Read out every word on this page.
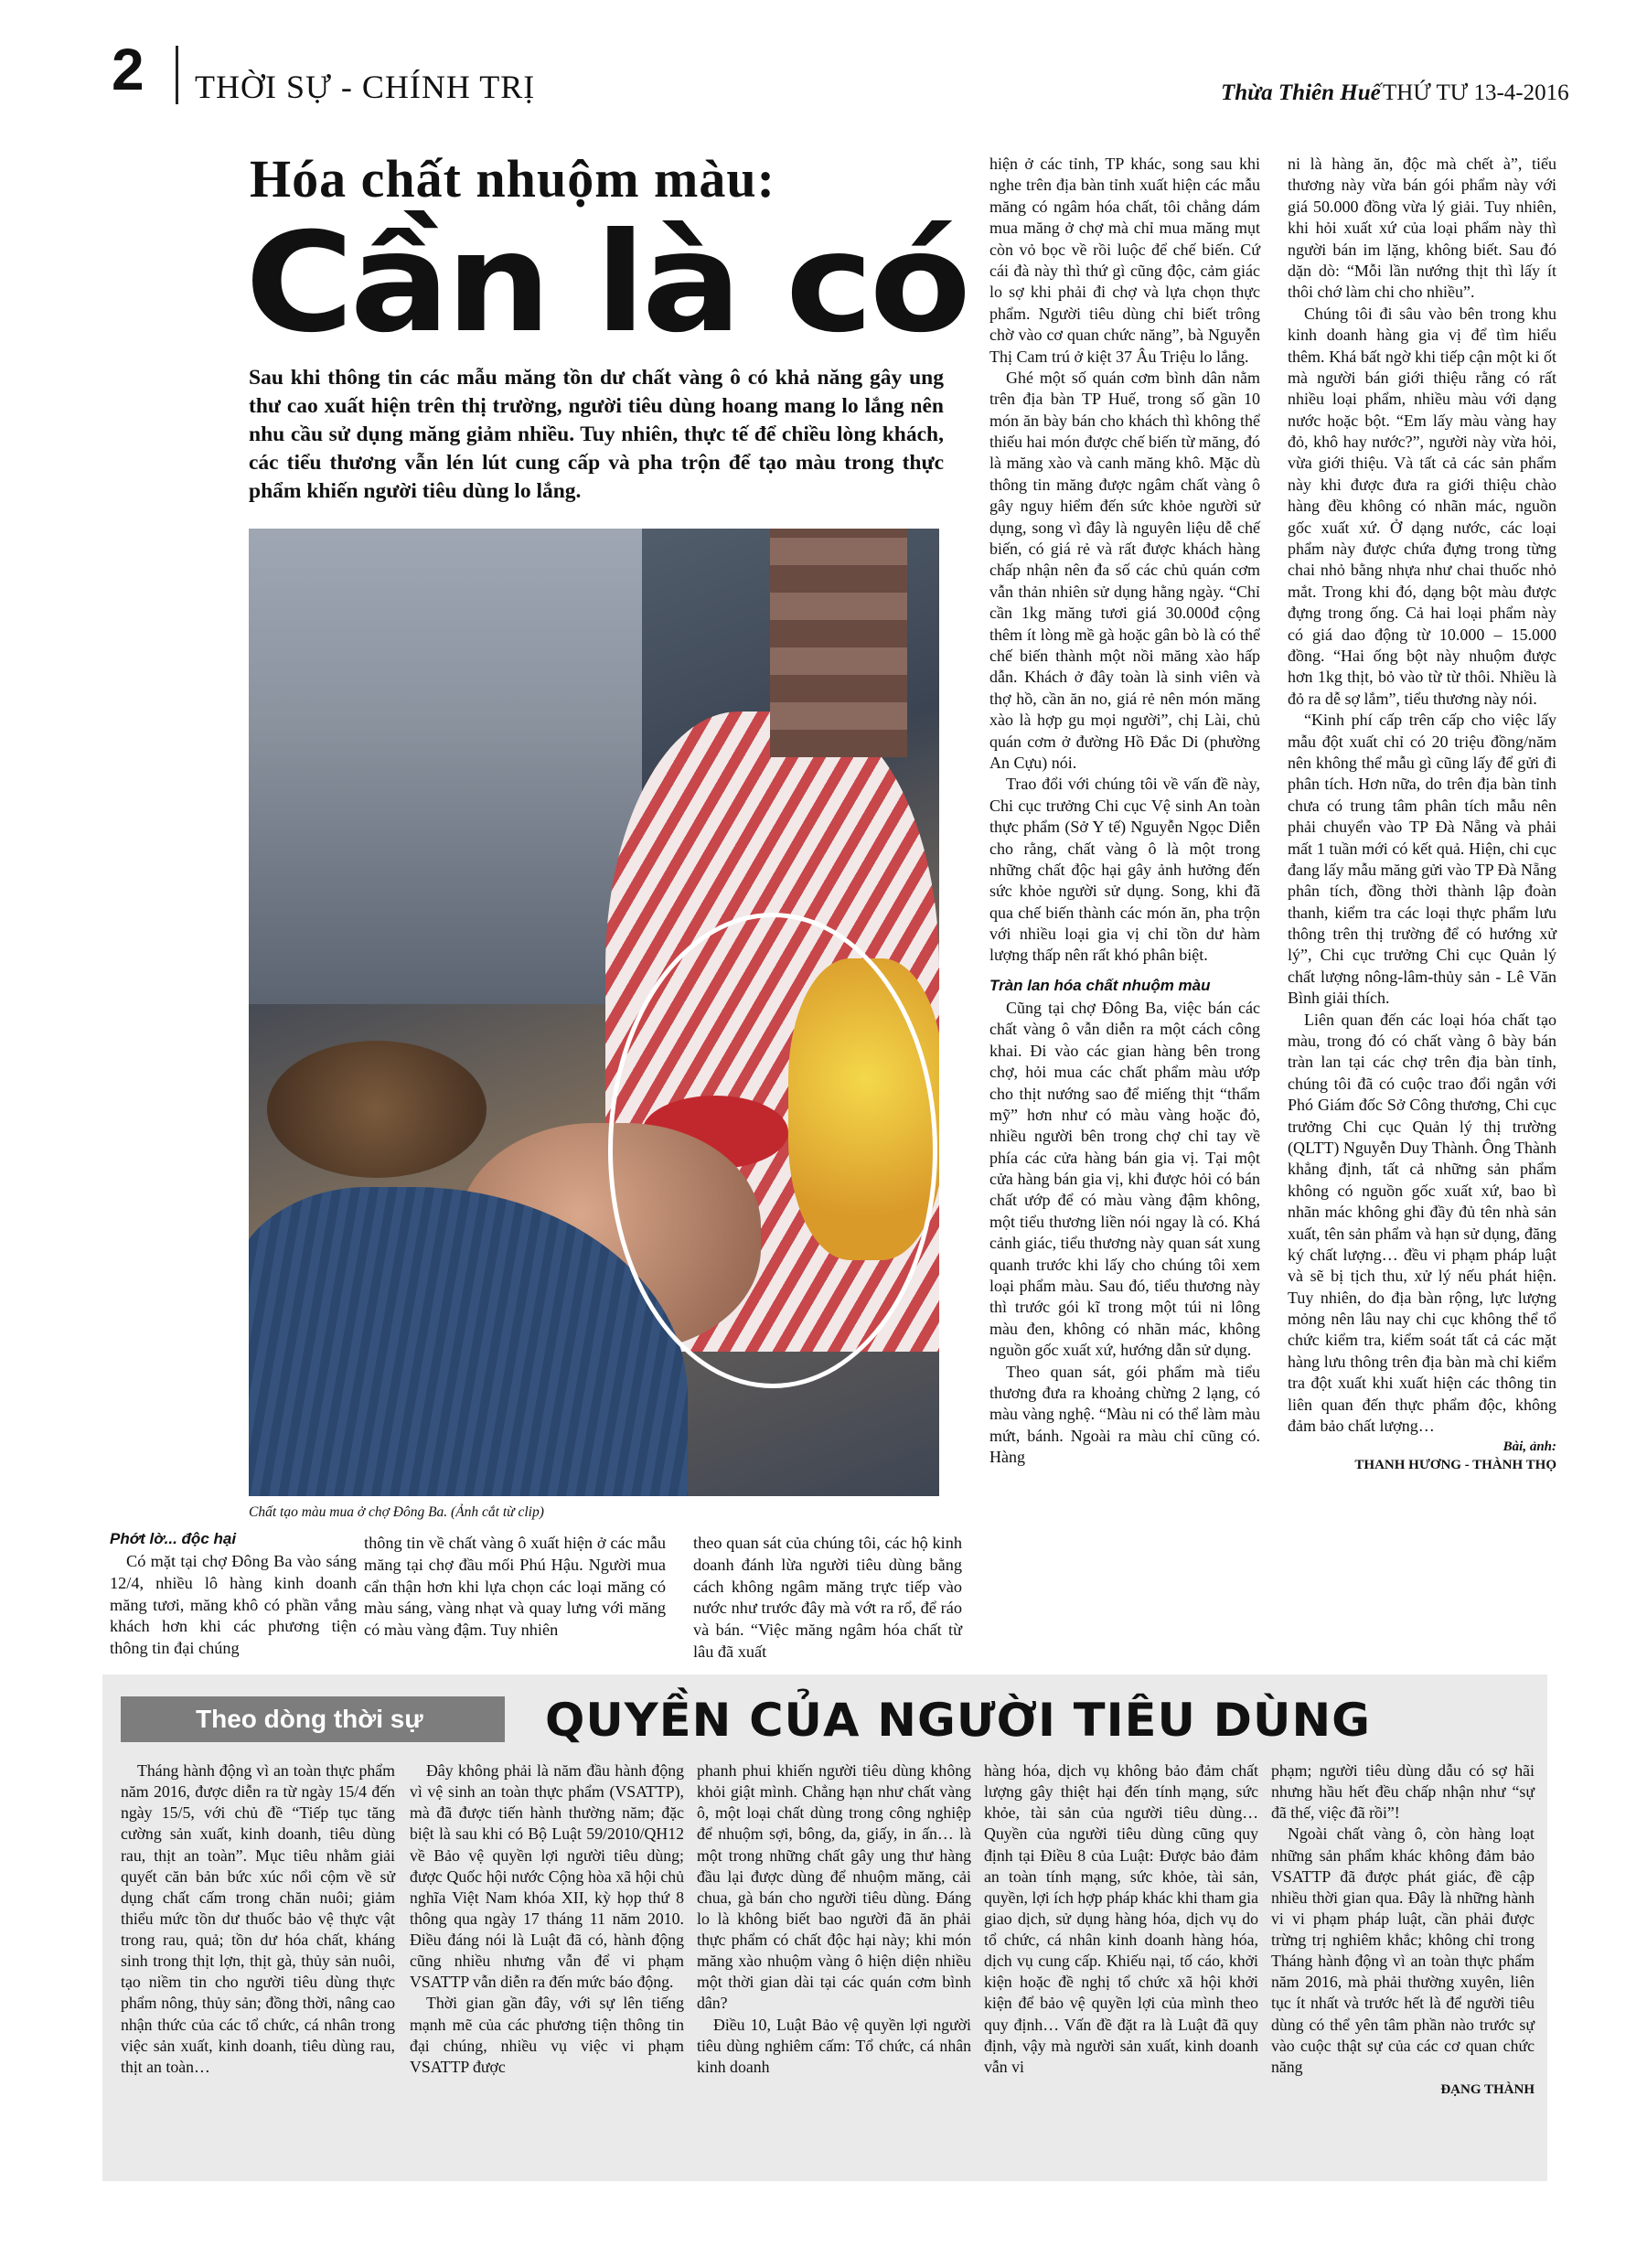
2 THỜI SỰ - CHÍNH TRỊ	Thừa Thiên Huế THỨ TƯ 13-4-2016
Hóa chất nhuộm màu:
Cần là có
Sau khi thông tin các mẫu măng tồn dư chất vàng ô có khả năng gây ung thư cao xuất hiện trên thị trường, người tiêu dùng hoang mang lo lắng nên nhu cầu sử dụng măng giảm nhiều. Tuy nhiên, thực tế để chiều lòng khách, các tiểu thương vẫn lén lút cung cấp và pha trộn để tạo màu trong thực phẩm khiến người tiêu dùng lo lắng.
Chất tạo màu mua ở chợ Đông Ba. (Ảnh cắt từ clip)
Phớt lờ... độc hại

Có mặt tại chợ Đông Ba vào sáng 12/4, nhiều lô hàng kinh doanh măng tươi, măng khô có phần vắng khách hơn khi các phương tiện thông tin đại chúng

thông tin về chất vàng ô xuất hiện ở các mẫu măng tại chợ đầu mối Phú Hậu. Người mua cẩn thận hơn khi lựa chọn các loại măng có màu sáng, vàng nhạt và quay lưng với măng có màu vàng đậm. Tuy nhiên

theo quan sát của chúng tôi, các hộ kinh doanh đánh lừa người tiêu dùng bằng cách không ngâm măng trực tiếp vào nước như trước đây mà vớt ra rổ, để ráo và bán. “Việc măng ngâm hóa chất từ lâu đã xuất

hiện ở các tỉnh, TP khác, song sau khi nghe trên địa bàn tỉnh xuất hiện các mẫu măng có ngâm hóa chất, tôi chẳng dám mua măng ở chợ mà chỉ mua măng mụt còn vỏ bọc về rồi luộc để chế biến. Cứ cái đà này thì thứ gì cũng độc, cảm giác lo sợ khi phải đi chợ và lựa chọn thực phẩm. Người tiêu dùng chỉ biết trông chờ vào cơ quan chức năng”, bà Nguyễn Thị Cam trú ở kiệt 37 Âu Triệu lo lắng.

Ghé một số quán cơm bình dân nằm trên địa bàn TP Huế, trong số gần 10 món ăn bày bán cho khách thì không thể thiếu hai món được chế biến từ măng, đó là măng xào và canh măng khô. Mặc dù thông tin măng được ngâm chất vàng ô gây nguy hiểm đến sức khỏe người sử dụng, song vì đây là nguyên liệu dễ chế biến, có giá rẻ và rất được khách hàng chấp nhận nên đa số các chủ quán cơm vẫn thản nhiên sử dụng hằng ngày. “Chỉ cần 1kg măng tươi giá 30.000đ cộng thêm ít lòng mề gà hoặc gân bò là có thể chế biến thành một nồi măng xào hấp dẫn. Khách ở đây toàn là sinh viên và thợ hồ, cần ăn no, giá rẻ nên món măng xào là hợp gu mọi người”, chị Lài, chủ quán cơm ở đường Hồ Đắc Di (phường An Cựu) nói.

Trao đổi với chúng tôi về vấn đề này, Chi cục trưởng Chi cục Vệ sinh An toàn thực phẩm (Sở Y tế) Nguyễn Ngọc Diễn cho rằng, chất vàng ô là một trong những chất độc hại gây ảnh hưởng đến sức khỏe người sử dụng. Song, khi đã qua chế biến thành các món ăn, pha trộn với nhiều loại gia vị chỉ tồn dư hàm lượng thấp nên rất khó phân biệt.

Tràn lan hóa chất nhuộm màu

Cũng tại chợ Đông Ba, việc bán các chất vàng ô vẫn diễn ra một cách công khai. Đi vào các gian hàng bên trong chợ, hỏi mua các chất phẩm màu ướp cho thịt nướng sao để miếng thịt “thẩm mỹ” hơn như có màu vàng hoặc đỏ, nhiều người bên trong chợ chỉ tay về phía các cửa hàng bán gia vị. Tại một cửa hàng bán gia vị, khi được hỏi có bán chất ướp để có màu vàng đậm không, một tiểu thương liền nói ngay là có. Khá cảnh giác, tiểu thương này quan sát xung quanh trước khi lấy cho chúng tôi xem loại phẩm màu. Sau đó, tiểu thương này thì trước gói kĩ trong một túi ni lông màu đen, không có nhãn mác, không nguồn gốc xuất xứ, hướng dẫn sử dụng.

Theo quan sát, gói phẩm mà tiểu thương đưa ra khoảng chừng 2 lạng, có màu vàng nghệ. “Màu ni có thể làm màu mứt, bánh. Ngoài ra màu chỉ cũng có. Hàng

ni là hàng ăn, độc mà chết à”, tiểu thương này vừa bán gói phẩm này với giá 50.000 đồng vừa lý giải. Tuy nhiên, khi hỏi xuất xứ của loại phẩm này thì người bán im lặng, không biết. Sau đó dặn dò: “Mỗi lần nướng thịt thì lấy ít thôi chớ làm chi cho nhiều”.

Chúng tôi đi sâu vào bên trong khu kinh doanh hàng gia vị để tìm hiểu thêm. Khá bất ngờ khi tiếp cận một ki ốt mà người bán giới thiệu rằng có rất nhiều loại phẩm, nhiều màu với dạng nước hoặc bột. “Em lấy màu vàng hay đỏ, khô hay nước?”, người này vừa hỏi, vừa giới thiệu. Và tất cả các sản phẩm này khi được đưa ra giới thiệu chào hàng đều không có nhãn mác, nguồn gốc xuất xứ. Ở dạng nước, các loại phẩm này được chứa đựng trong từng chai nhỏ bằng nhựa như chai thuốc nhỏ mắt. Trong khi đó, dạng bột màu được đựng trong ống. Cả hai loại phẩm này có giá dao động từ 10.000 – 15.000 đồng. “Hai ống bột này nhuộm được hơn 1kg thịt, bỏ vào từ từ thôi. Nhiều là đỏ ra dễ sợ lắm”, tiểu thương này nói.

“Kinh phí cấp trên cấp cho việc lấy mẫu đột xuất chỉ có 20 triệu đồng/năm nên không thể mẫu gì cũng lấy để gửi đi phân tích. Hơn nữa, do trên địa bàn tỉnh chưa có trung tâm phân tích mẫu nên phải chuyển vào TP Đà Nẵng và phải mất 1 tuần mới có kết quả. Hiện, chi cục đang lấy mẫu măng gửi vào TP Đà Nẵng phân tích, đồng thời thành lập đoàn thanh, kiểm tra các loại thực phẩm lưu thông trên thị trường để có hướng xử lý”, Chi cục trưởng Chi cục Quản lý chất lượng nông-lâm-thủy sản - Lê Văn Bình giải thích.

Liên quan đến các loại hóa chất tạo màu, trong đó có chất vàng ô bày bán tràn lan tại các chợ trên địa bàn tỉnh, chúng tôi đã có cuộc trao đổi ngắn với Phó Giám đốc Sở Công thương, Chi cục trưởng Chi cục Quản lý thị trường (QLTT) Nguyễn Duy Thành. Ông Thành khẳng định, tất cả những sản phẩm không có nguồn gốc xuất xứ, bao bì nhãn mác không ghi đầy đủ tên nhà sản xuất, tên sản phẩm và hạn sử dụng, đăng ký chất lượng… đều vi phạm pháp luật và sẽ bị tịch thu, xử lý nếu phát hiện. Tuy nhiên, do địa bàn rộng, lực lượng mỏng nên lâu nay chi cục không thể tổ chức kiểm tra, kiểm soát tất cả các mặt hàng lưu thông trên địa bàn mà chỉ kiểm tra đột xuất khi xuất hiện các thông tin liên quan đến thực phẩm độc, không đảm bảo chất lượng…

Bài, ảnh:
THANH HƯƠNG - THÀNH THỌ
Theo dòng thời sự	QUYỀN CỦA NGƯỜI TIÊU DÙNG

Tháng hành động vì an toàn thực phẩm năm 2016, được diễn ra từ ngày 15/4 đến ngày 15/5, với chủ đề “Tiếp tục tăng cường sản xuất, kinh doanh, tiêu dùng rau, thịt an toàn”. Mục tiêu nhằm giải quyết căn bản bức xúc nổi cộm về sử dụng chất cấm trong chăn nuôi; giảm thiểu mức tồn dư thuốc bảo vệ thực vật trong rau, quả; tồn dư hóa chất, kháng sinh trong thịt lợn, thịt gà, thủy sản nuôi, tạo niềm tin cho người tiêu dùng thực phẩm nông, thủy sản; đồng thời, nâng cao nhận thức của các tổ chức, cá nhân trong việc sản xuất, kinh doanh, tiêu dùng rau, thịt an toàn…

Đây không phải là năm đầu hành động vì vệ sinh an toàn thực phẩm (VSATTP), mà đã được tiến hành thường năm; đặc biệt là sau khi có Bộ Luật 59/2010/QH12 về Bảo vệ quyền lợi người tiêu dùng; được Quốc hội nước Cộng hòa xã hội chủ nghĩa Việt Nam khóa XII, kỳ họp thứ 8 thông qua ngày 17 tháng 11 năm 2010. Điều đáng nói là Luật đã có, hành động cũng nhiều nhưng vẫn để vi phạm VSATTP vẫn diễn ra đến mức báo động.

Thời gian gần đây, với sự lên tiếng mạnh mẽ của các phương tiện thông tin đại chúng, nhiều vụ việc vi phạm VSATTP được

phanh phui khiến người tiêu dùng không khỏi giật mình. Chẳng hạn như chất vàng ô, một loại chất dùng trong công nghiệp để nhuộm sợi, bông, da, giấy, in ấn… là một trong những chất gây ung thư hàng đầu lại được dùng để nhuộm măng, cải chua, gà bán cho người tiêu dùng. Đáng lo là không biết bao người đã ăn phải thực phẩm có chất độc hại này; khi món măng xào nhuộm vàng ô hiện diện nhiều một thời gian dài tại các quán cơm bình dân?

Điều 10, Luật Bảo vệ quyền lợi người tiêu dùng nghiêm cấm: Tổ chức, cá nhân kinh doanh

hàng hóa, dịch vụ không bảo đảm chất lượng gây thiệt hại đến tính mạng, sức khỏe, tài sản của người tiêu dùng… Quyền của người tiêu dùng cũng quy định tại Điều 8 của Luật: Được bảo đảm an toàn tính mạng, sức khỏe, tài sản, quyền, lợi ích hợp pháp khác khi tham gia giao dịch, sử dụng hàng hóa, dịch vụ do tổ chức, cá nhân kinh doanh hàng hóa, dịch vụ cung cấp. Khiếu nại, tố cáo, khởi kiện hoặc đề nghị tổ chức xã hội khởi kiện để bảo vệ quyền lợi của mình theo quy định… Vấn đề đặt ra là Luật đã quy định, vậy mà người sản xuất, kinh doanh vẫn vi

phạm; người tiêu dùng dẫu có sợ hãi nhưng hầu hết đều chấp nhận như “sự đã thế, việc đã rồi”!

Ngoài chất vàng ô, còn hàng loạt những sản phẩm khác không đảm bảo VSATTP đã được phát giác, đề cập nhiều thời gian qua. Đây là những hành vi vi phạm pháp luật, cần phải được trừng trị nghiêm khắc; không chỉ trong Tháng hành động vì an toàn thực phẩm năm 2016, mà phải thường xuyên, liên tục ít nhất và trước hết là để người tiêu dùng có thể yên tâm phần nào trước sự vào cuộc thật sự của các cơ quan chức năng

ĐẠNG THÀNH
